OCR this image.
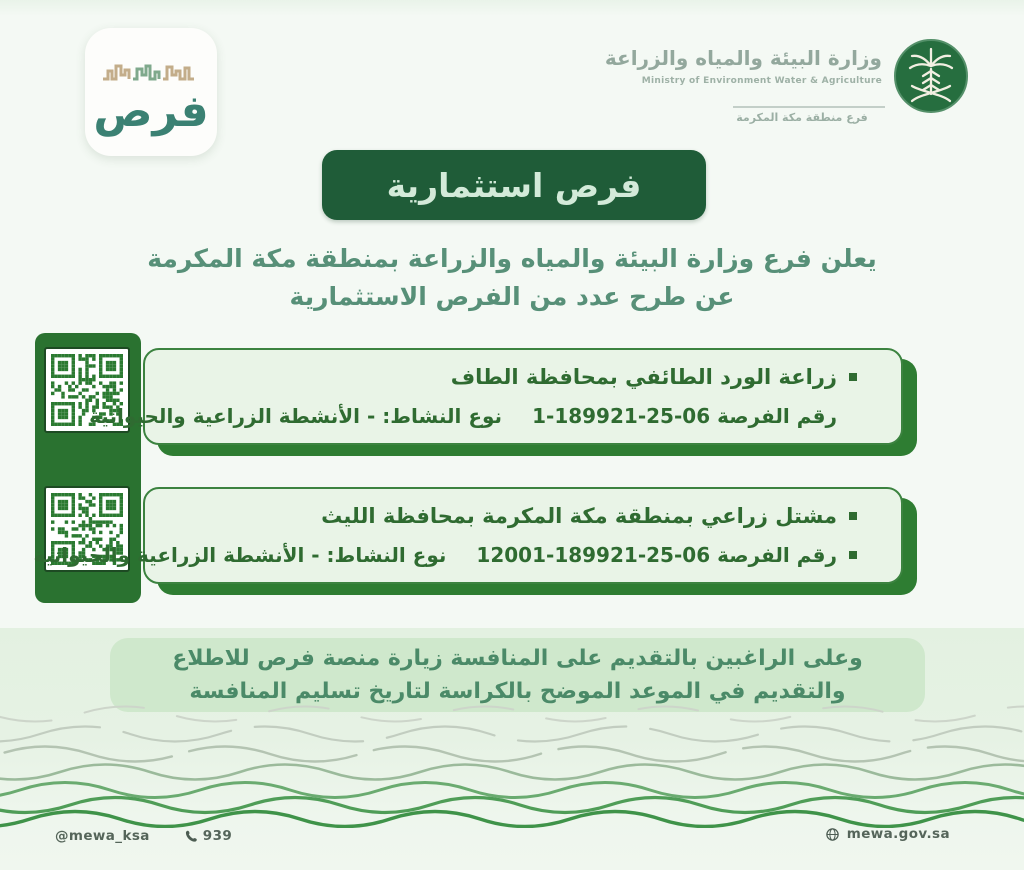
فرص
وزارة البيئة والمياه والزراعة
Ministry of Environment Water & Agriculture
فرع منطقة مكة المكرمة
فرص استثمارية
يعلن فرع وزارة البيئة والمياه والزراعة بمنطقة مكة المكرمة
عن طرح عدد من الفرص الاستثمارية
زراعة الورد الطائفي بمحافظة الطاف
رقم الفرصة 06-25-189921-1نوع النشاط: - الأنشطة الزراعية والحيوانية
مشتل زراعي بمنطقة مكة المكرمة بمحافظة الليث
رقم الفرصة 06-25-189921-12001نوع النشاط: - الأنشطة الزراعية والحيوانية
وعلى الراغبين بالتقديم على المنافسة زيارة منصة فرص للاطلاع
والتقديم في الموعد الموضح بالكراسة لتاريخ تسليم المنافسة
@mewa_ksa	939	mewa.gov.sa
